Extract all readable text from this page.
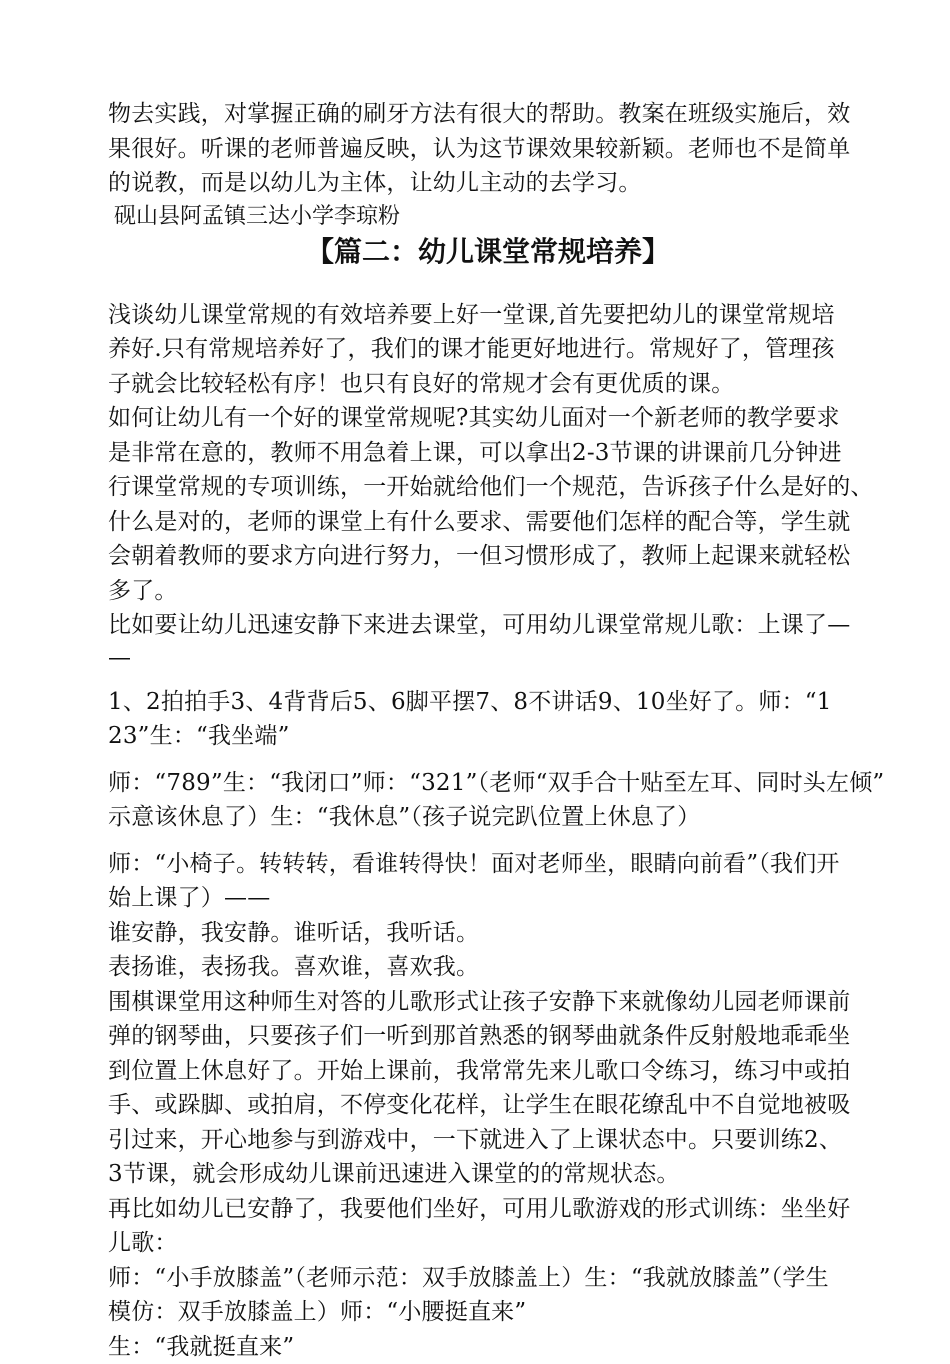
物去实践，对掌握正确的刷牙方法有很大的帮助。教案在班级实施后，效
果很好。听课的老师普遍反映，认为这节课效果较新颖。老师也不是简单
的说教，而是以幼儿为主体，让幼儿主动的去学习。
砚山县阿孟镇三达小学李琼粉
【篇二：幼儿课堂常规培养】
浅谈幼儿课堂常规的有效培养要上好一堂课,首先要把幼儿的课堂常规培
养好.只有常规培养好了，我们的课才能更好地进行。常规好了，管理孩
子就会比较轻松有序！也只有良好的常规才会有更优质的课。
如何让幼儿有一个好的课堂常规呢?其实幼儿面对一个新老师的教学要求
是非常在意的，教师不用急着上课，可以拿出2-3节课的讲课前几分钟进
行课堂常规的专项训练，一开始就给他们一个规范，告诉孩子什么是好的、
什么是对的，老师的课堂上有什么要求、需要他们怎样的配合等，学生就
会朝着教师的要求方向进行努力，一但习惯形成了，教师上起课来就轻松
多了。
比如要让幼儿迅速安静下来进去课堂，可用幼儿课堂常规儿歌：上课了—
—
1、2拍拍手3、4背背后5、6脚平摆7、8不讲话9、10坐好了。师：“1
23”生：“我坐端”
师：“789”生：“我闭口”师：“321”（老师“双手合十贴至左耳、同时头左倾”
示意该休息了）生：“我休息”（孩子说完趴位置上休息了）
师：“小椅子。转转转，看谁转得快！面对老师坐，眼睛向前看”（我们开
始上课了）——
谁安静，我安静。谁听话，我听话。
表扬谁，表扬我。喜欢谁，喜欢我。
围棋课堂用这种师生对答的儿歌形式让孩子安静下来就像幼儿园老师课前
弹的钢琴曲，只要孩子们一听到那首熟悉的钢琴曲就条件反射般地乖乖坐
到位置上休息好了。开始上课前，我常常先来儿歌口令练习，练习中或拍
手、或跺脚、或拍肩，不停变化花样，让学生在眼花缭乱中不自觉地被吸
引过来，开心地参与到游戏中，一下就进入了上课状态中。只要训练2、
3节课，就会形成幼儿课前迅速进入课堂的的常规状态。
再比如幼儿已安静了，我要他们坐好，可用儿歌游戏的形式训练：坐坐好
儿歌：
师：“小手放膝盖”（老师示范：双手放膝盖上）生：“我就放膝盖”（学生
模仿：双手放膝盖上）师：“小腰挺直来”
生：“我就挺直来”
